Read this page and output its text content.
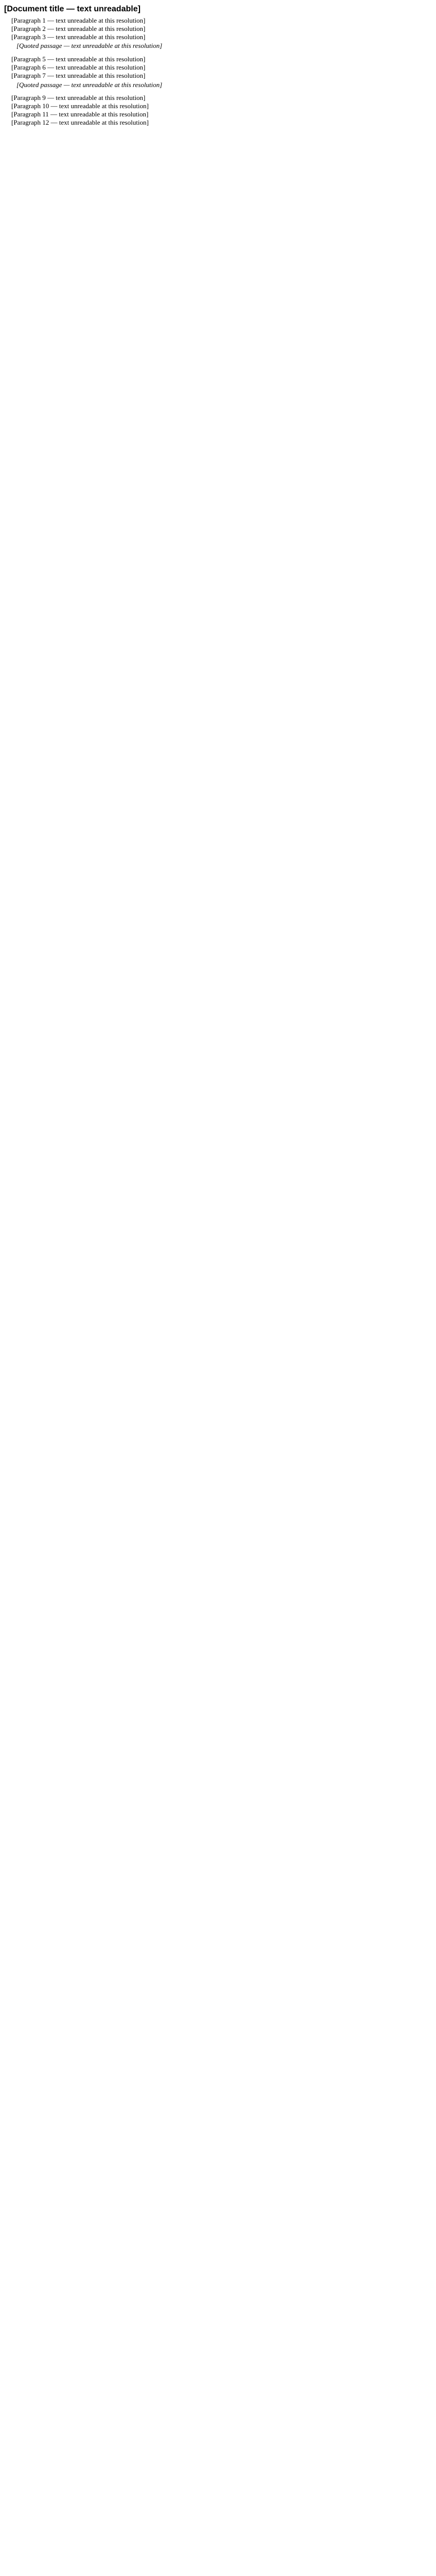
[Document title — text unreadable]

[Paragraph 1 — text unreadable at this resolution]

[Paragraph 2 — text unreadable at this resolution]

[Paragraph 3 — text unreadable at this resolution]

[Quoted passage — text unreadable at this resolution]

[Paragraph 5 — text unreadable at this resolution]

[Paragraph 6 — text unreadable at this resolution]

[Paragraph 7 — text unreadable at this resolution]

[Quoted passage — text unreadable at this resolution]

[Paragraph 9 — text unreadable at this resolution]

[Paragraph 10 — text unreadable at this resolution]

[Paragraph 11 — text unreadable at this resolution]

[Paragraph 12 — text unreadable at this resolution]
